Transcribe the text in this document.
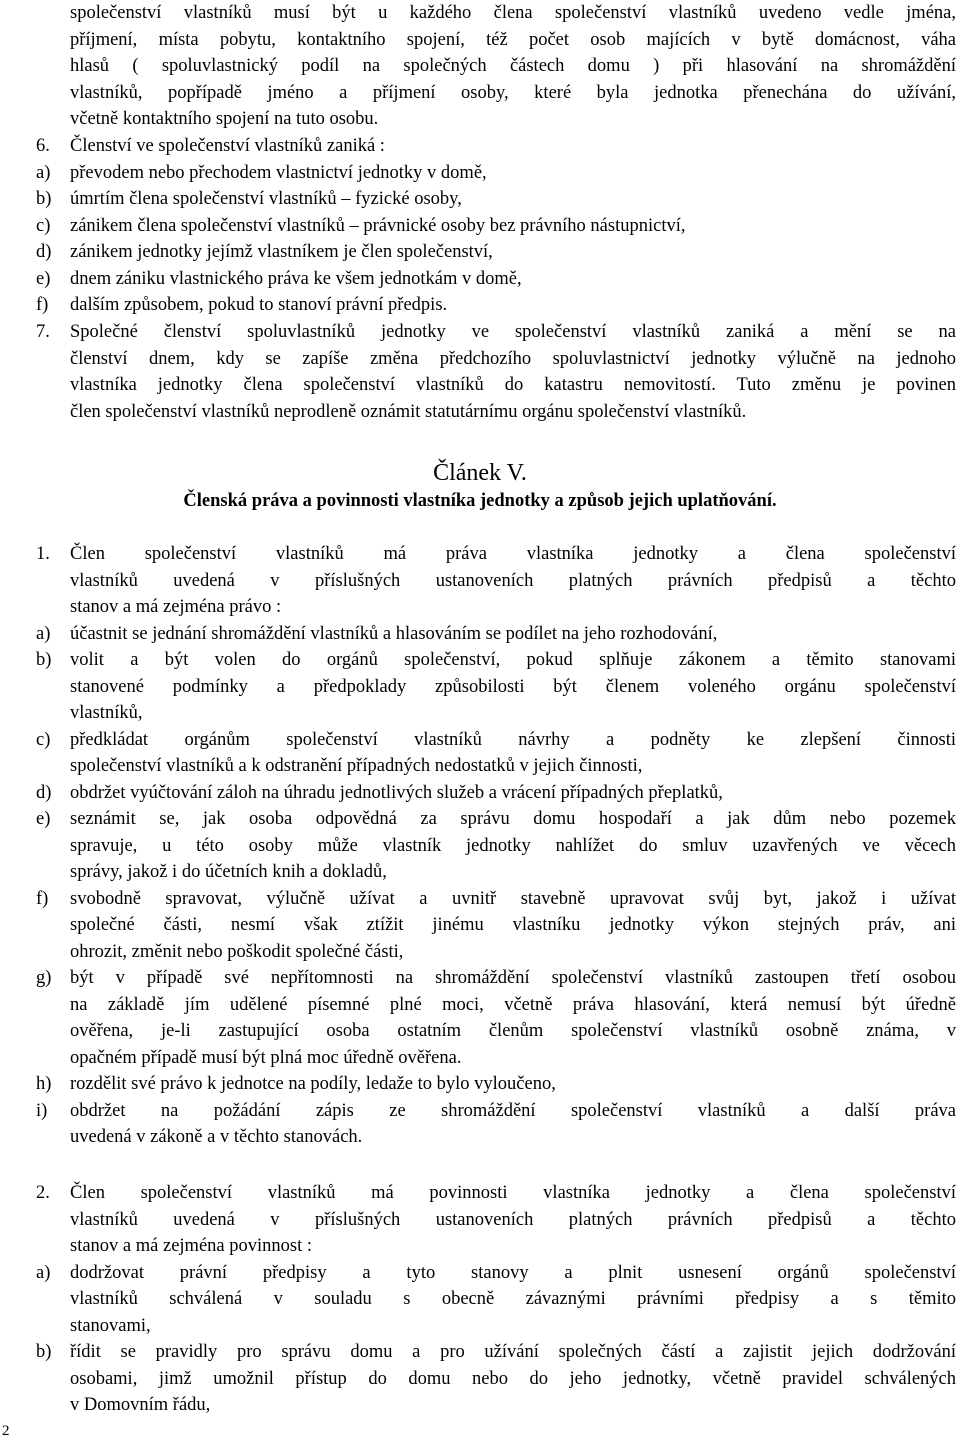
společenství vlastníků musí být u každého člena společenství vlastníků uvedeno vedle jména,
příjmení, místa pobytu, kontaktního spojení, též počet osob majících v bytě domácnost, váha
hlasů ( spoluvlastnický podíl na společných částech domu ) při hlasování na shromáždění
vlastníků, popřípadě jméno a příjmení osoby, které byla jednotka přenechána do užívání,
včetně kontaktního spojení na tuto osobu.
6. Členství ve společenství vlastníků zaniká :
a) převodem nebo přechodem vlastnictví jednotky v domě,
b) úmrtím člena společenství vlastníků – fyzické osoby,
c) zánikem člena společenství vlastníků – právnické osoby bez právního nástupnictví,
d) zánikem jednotky jejímž vlastníkem je člen společenství,
e) dnem zániku vlastnického práva ke všem jednotkám v domě,
f) dalším způsobem, pokud to stanoví právní předpis.
7. Společné členství spoluvlastníků jednotky ve společenství vlastníků zaniká a mění se na
členství dnem, kdy se zapíše změna předchozího spoluvlastnictví jednotky výlučně na jednoho
vlastníka jednotky člena společenství vlastníků do katastru nemovitostí. Tuto změnu je povinen
člen společenství vlastníků neprodleně oznámit statutárnímu orgánu společenství vlastníků.
Článek V.
Členská práva a povinnosti vlastníka jednotky a způsob jejich uplatňování.
1. Člen společenství vlastníků má práva vlastníka jednotky a člena společenství
vlastníků uvedená v příslušných ustanoveních platných právních předpisů a těchto
stanov a má zejména právo :
a) účastnit se jednání shromáždění vlastníků a hlasováním se podílet na jeho rozhodování,
b) volit a být volen do orgánů společenství, pokud splňuje zákonem a těmito stanovami
stanovené podmínky a předpoklady způsobilosti být členem voleného orgánu společenství
vlastníků,
c) předkládat orgánům společenství vlastníků návrhy a podněty ke zlepšení činnosti
společenství vlastníků a k odstranění případných nedostatků v jejich činnosti,
d) obdržet vyúčtování záloh na úhradu jednotlivých služeb a vrácení případných přeplatků,
e) seznámit se, jak osoba odpovědná za správu domu hospodaří a jak dům nebo pozemek
spravuje, u této osoby může vlastník jednotky nahlížet do smluv uzavřených ve věcech
správy, jakož i do účetních knih a dokladů,
f) svobodně spravovat, výlučně užívat a uvnitř stavebně upravovat svůj byt, jakož i užívat
společné části, nesmí však ztížit jinému vlastníku jednotky výkon stejných práv, ani
ohrozit, změnit nebo poškodit společné části,
g) být v případě své nepřítomnosti na shromáždění společenství vlastníků zastoupen třetí osobou
na základě jím udělené písemné plné moci, včetně práva hlasování, která nemusí být úředně
ověřena, je-li zastupující osoba ostatním členům společenství vlastníků osobně známa, v
opačném případě musí být plná moc úředně ověřena.
h) rozdělit své právo k jednotce na podíly, ledaže to bylo vyloučeno,
i) obdržet na požádání zápis ze shromáždění společenství vlastníků a další práva
uvedená v zákoně a v těchto stanovách.
2. Člen společenství vlastníků má povinnosti vlastníka jednotky a člena společenství
vlastníků uvedená v příslušných ustanoveních platných právních předpisů a těchto
stanov a má zejména povinnost :
a) dodržovat právní předpisy a tyto stanovy a plnit usnesení orgánů společenství
vlastníků schválená v souladu s obecně závaznými právními předpisy a s těmito
stanovami,
b) řídit se pravidly pro správu domu a pro užívání společných částí a zajistit jejich dodržování
osobami, jimž umožnil přístup do domu nebo do jeho jednotky, včetně pravidel schválených
v Domovním řádu,
2
